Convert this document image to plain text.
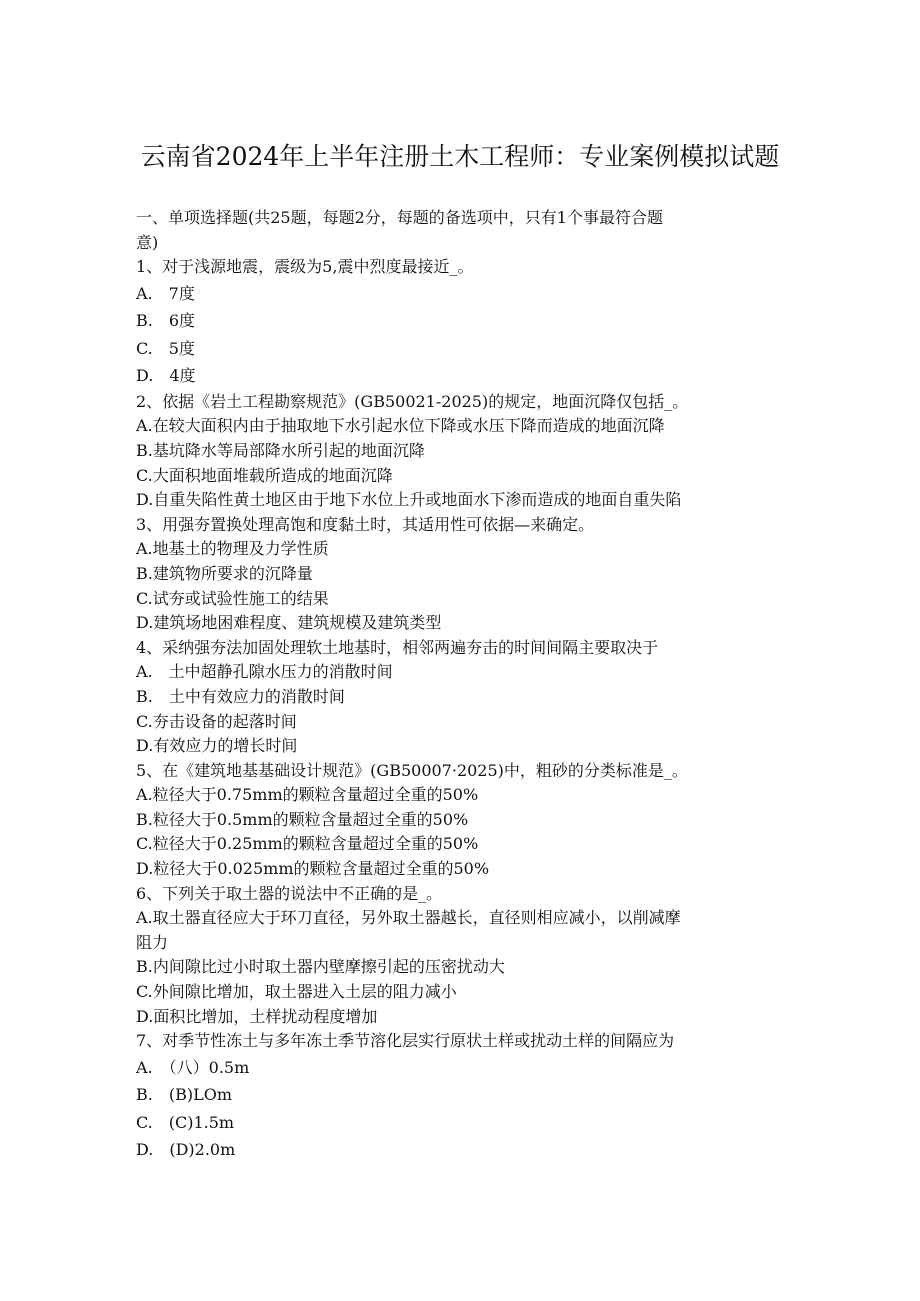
云南省2024年上半年注册土木工程师：专业案例模拟试题
一、单项选择题(共25题，每题2分，每题的备选项中，只有1个事最符合题
意)
1、对于浅源地震，震级为5,震中烈度最接近_。
A.　7度
B.　6度
C.　5度
D.　4度
2、依据《岩土工程勘察规范》(GB50021-2025)的规定，地面沉降仅包括_。
A.在较大面积内由于抽取地下水引起水位下降或水压下降而造成的地面沉降
B.基坑降水等局部降水所引起的地面沉降
C.大面积地面堆载所造成的地面沉降
D.自重失陷性黄土地区由于地下水位上升或地面水下渗而造成的地面自重失陷
3、用强夯置换处理高饱和度黏土时，其适用性可依据—来确定。
A.地基土的物理及力学性质
B.建筑物所要求的沉降量
C.试夯或试验性施工的结果
D.建筑场地困难程度、建筑规模及建筑类型
4、采纳强夯法加固处理软土地基时，相邻两遍夯击的时间间隔主要取决于
A.　土中超静孔隙水压力的消散时间
B.　土中有效应力的消散时间
C.夯击设备的起落时间
D.有效应力的增长时间
5、在《建筑地基基础设计规范》(GB50007·2025)中，粗砂的分类标准是_。
A.粒径大于0.75mm的颗粒含量超过全重的50%
B.粒径大于0.5mm的颗粒含量超过全重的50%
C.粒径大于0.25mm的颗粒含量超过全重的50%
D.粒径大于0.025mm的颗粒含量超过全重的50%
6、下列关于取土器的说法中不正确的是_。
A.取土器直径应大于环刀直径，另外取土器越长，直径则相应减小，以削减摩
阻力
B.内间隙比过小时取土器内壁摩擦引起的压密扰动大
C.外间隙比增加，取土器进入土层的阻力减小
D.面积比增加，土样扰动程度增加
7、对季节性冻土与多年冻土季节溶化层实行原状土样或扰动土样的间隔应为
A.　（八）0.5m
B.　(B)LOm
C.　(C)1.5m
D.　(D)2.0m
